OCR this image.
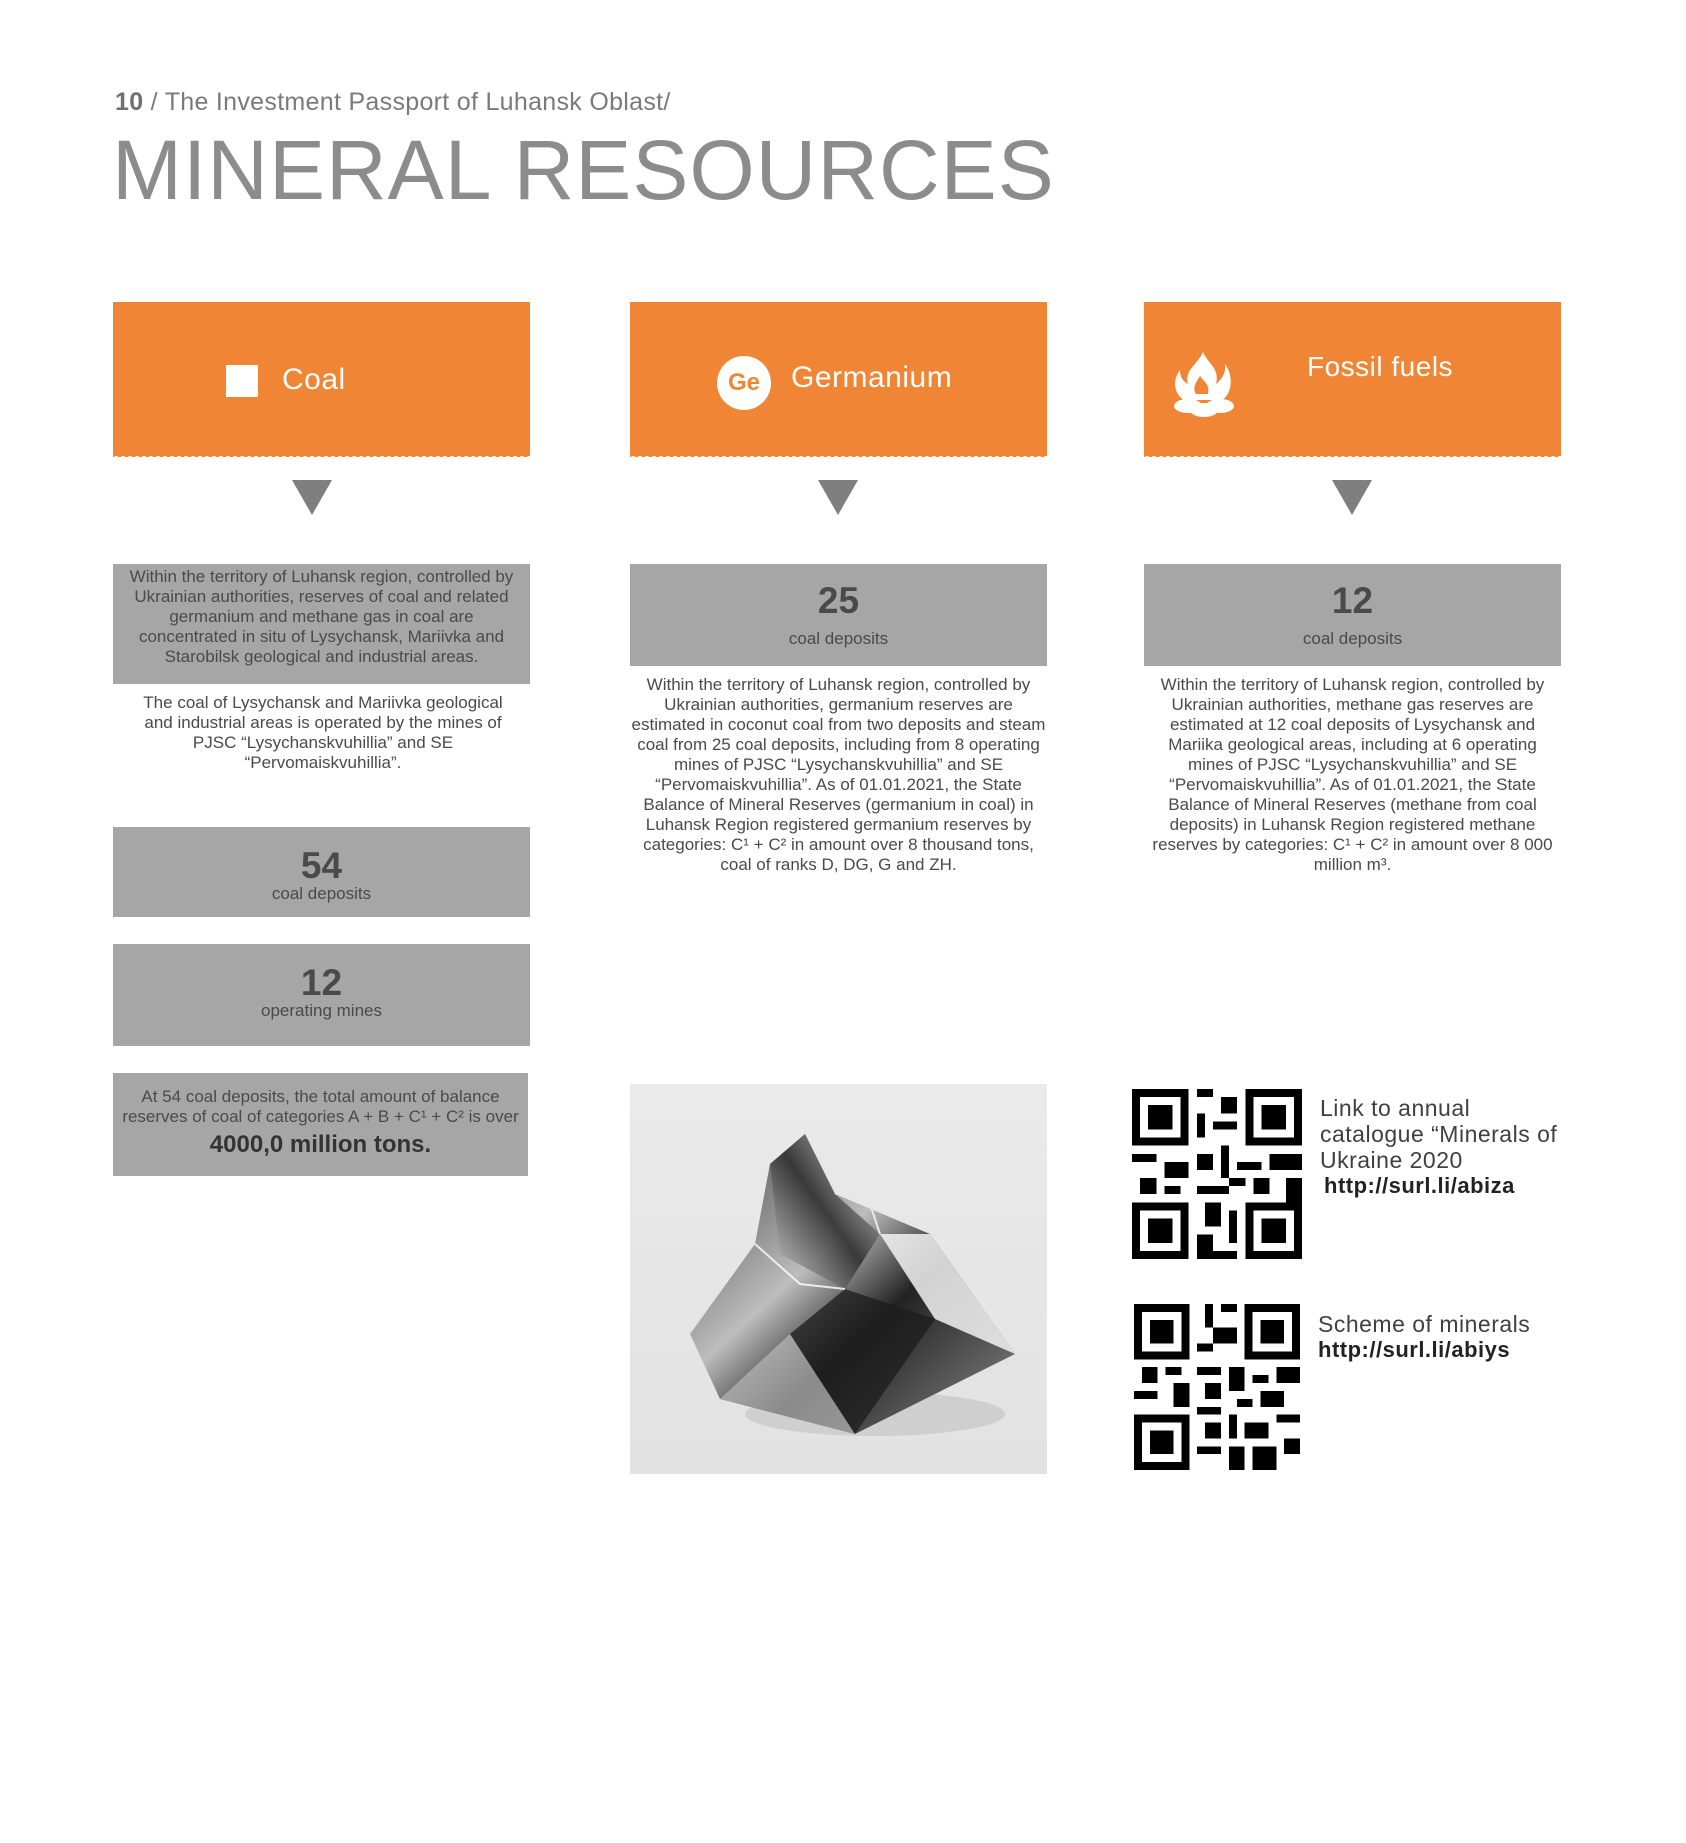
10 / The Investment Passport of Luhansk Oblast/
MINERAL RESOURCES
Coal
Within the territory of Luhansk region, controlled by Ukrainian authorities, reserves of coal and related germanium and methane gas in coal are concentrated in situ of Lysychansk, Mariivka and Starobilsk geological and industrial areas.
The coal of Lysychansk and Mariivka geological and industrial areas is operated by the mines of PJSC “Lysychanskvuhillia” and SE “Pervomaiskvuhillia”.
54
coal deposits
12
operating mines
At 54 coal deposits, the total amount of balance reserves of coal of categories A + B + C¹ + C² is over
4000,0 million tons.
Ge	Germanium
25
coal deposits
Within the territory of Luhansk region, controlled by Ukrainian authorities, germanium reserves are estimated in coconut coal from two deposits and steam coal from 25 coal deposits, including from 8 operating mines of PJSC “Lysychanskvuhillia” and SE “Pervomaiskvuhillia”. As of 01.01.2021, the State Balance of Mineral Reserves (germanium in coal) in Luhansk Region registered germanium reserves by categories: C¹ + C² in amount over 8 thousand tons, coal of ranks D, DG, G and ZH.
Fossil fuels
12
coal deposits
Within the territory of Luhansk region, controlled by Ukrainian authorities, methane gas reserves are estimated at 12 coal deposits of Lysychansk and Mariika geological areas, including at 6 operating mines of PJSC “Lysychanskvuhillia” and SE “Pervomaiskvuhillia”. As of 01.01.2021, the State Balance of Mineral Reserves (methane from coal deposits) in Luhansk Region registered methane reserves by categories: C¹ + C² in amount over 8 000 million m³.
Link to annual catalogue “Minerals of Ukraine 2020
http://surl.li/abiza
Scheme of minerals
http://surl.li/abiys
